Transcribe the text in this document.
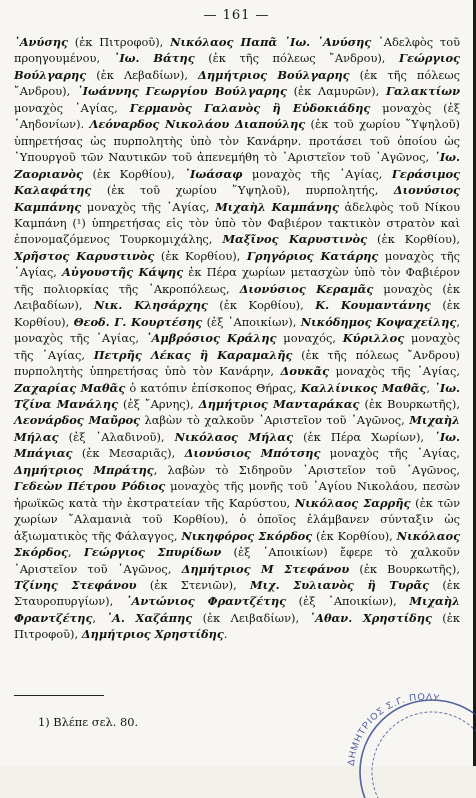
— 161 —

᾿Ανύσης (ἐκ Πιτροφοῦ), Νικόλαος Παπᾶ ᾿Ιω. ᾿Ανύσης ᾿Αδελφὸς τοῦ προηγουμένου, ᾿Ιω. Βάτης (ἐκ τῆς πόλεως ῎Ανδρου), Γεώργιος Βούλγαρης (ἐκ Λεβαδίων), Δημήτριος Βούλγαρης (ἐκ τῆς πόλεως ῎Ανδρου), ᾿Ιωάννης Γεωργίου Βούλγαρης (ἐκ Λαμυρῶν), Γαλακτίων μοναχὸς ῾Αγίας, Γερμανὸς Γαλανὸς ἢ Εὐδοκιάδης μοναχὸς (ἐξ ᾿Αηδονίων). Λεόναρδος Νικολάου Διαπούλης (ἐκ τοῦ χωρίου ῞Υψηλοῦ) ὑπηρετήσας ὡς πυρπολητὴς ὑπὸ τὸν Κανάρην. προτάσει τοῦ ὁποίου ὡς ῾Υπουργοῦ τῶν Ναυτικῶν τοῦ ἀπενεμήθη τὸ ᾿Αριστεῖον τοῦ ᾿Αγῶνος, ᾿Ιω. Ζαοριανὸς (ἐκ Κορθίου), ᾿Ιωάσαφ μοναχὸς τῆς ῾Αγίας, Γεράσιμος Καλαφάτης (ἐκ τοῦ χωρίου ῞Υψηλοῦ), πυρπολητής, Διονύσιος Καμπάνης μοναχὸς τῆς ῾Αγίας, Μιχαὴλ Καμπάνης ἀδελφὸς τοῦ Νίκου Καμπάνη (¹) ὑπηρετήσας εἰς τὸν ὑπὸ τὸν Φαβιέρον τακτικὸν στρατὸν καὶ ἐπονομαζόμενος Τουρκομιχάλης, Μαξῖνος Καρυστινὸς (ἐκ Κορθίου), Χρῆστος Καρυστινὸς (ἐκ Κορθίου), Γρηγόριος Κατάρης μοναχὸς τῆς ῾Αγίας, Αὐγουστῆς Κάψης ἐκ Πέρα χωρίων μετασχὼν ὑπὸ τὸν Φαβιέρον τῆς πολιορκίας τῆς ᾿Ακροπόλεως, Διονύσιος Κεραμᾶς μοναχὸς (ἐκ Λειβαδίων), Νικ. Κλησάρχης (ἐκ Κορθίου), Κ. Κουμαντάνης (ἐκ Κορθίου), Θεοδ. Γ. Κουρτέσης (ἐξ ᾿Αποικίων), Νικόδημος Κοψαχείλης, μοναχὸς τῆς ῾Αγίας, ᾿Αμβρόσιος Κράλης μοναχός, Κύριλλος μοναχὸς τῆς ῾Αγίας, Πετρῆς Λέκας ἢ Καραμαλῆς (ἐκ τῆς πόλεως ῎Ανδρου) πυρπολητὴς ὑπηρετήσας ὑπὸ τὸν Κανάρην, Δουκᾶς μοναχὸς τῆς ῾Αγίας, Ζαχαρίας Μαθᾶς ὁ κατόπιν ἐπίσκοπος Θήρας, Καλλίνικος Μαθᾶς, ᾿Ιω. Τζίνα Μανάλης (ἐξ ῎Αρνης), Δημήτριος Μανταράκας (ἐκ Βουρκωτῆς), Λεονάρδος Μαῦρος λαβὼν τὸ χαλκοῦν ᾿Αριστεῖον τοῦ ᾿Αγῶνος, Μιχαὴλ Μήλας (ἐξ ᾿Αλαδινοῦ), Νικόλαος Μήλας (ἐκ Πέρα Χωρίων), ᾿Ιω. Μπάγιας (ἐκ Μεσαριᾶς), Διονύσιος Μπότσης μοναχὸς τῆς ῾Αγίας, Δημήτριος Μπράτης, λαβὼν τὸ Σιδηροῦν ᾿Αριστεῖον τοῦ ᾿Αγῶνος, Γεδεὼν Πέτρου Ρόδιος μοναχὸς τῆς μονῆς τοῦ ῾Αγίου Νικολάου, πεσὼν ἡρωϊκῶς κατὰ τὴν ἐκστρατείαν τῆς Καρύστου, Νικόλαος Σαρρῆς (ἐκ τῶν χωρίων ῎Αλαμανιὰ τοῦ Κορθίου), ὁ ὁποῖος ἐλάμβανεν σύνταξιν ὡς ἀξιωματικὸς τῆς Φάλαγγος, Νικηφόρος Σκόρδος (ἐκ Κορθίου), Νικόλαος Σκόρδος, Γεώργιος Σπυρίδων (ἐξ ᾿Αποικίων) ἔφερε τὸ χαλκοῦν ᾿Αριστεῖον τοῦ ᾿Αγῶνος, Δημήτριος Μ Στεφάνου (ἐκ Βουρκωτῆς), Τζίνης Στεφάνου (ἐκ Στενιῶν), Μιχ. Συλιανὸς ἢ Τυρᾶς (ἐκ Σταυροπυργίων), ᾿Αντώνιος Φραντζέτης (ἐξ ᾿Αποικίων), Μιχαὴλ Φραντζέτης, ᾿Α. Χαζάπης (ἐκ Λειβαδίων), ᾿Αθαν. Χρηστίδης (ἐκ Πιτροφοῦ), Δημήτριος Χρηστίδης.

1) Βλέπε σελ. 80.
ΔΗΜΗΤΡΙΟΣ Σ.Γ. ΠΟΛΥ
